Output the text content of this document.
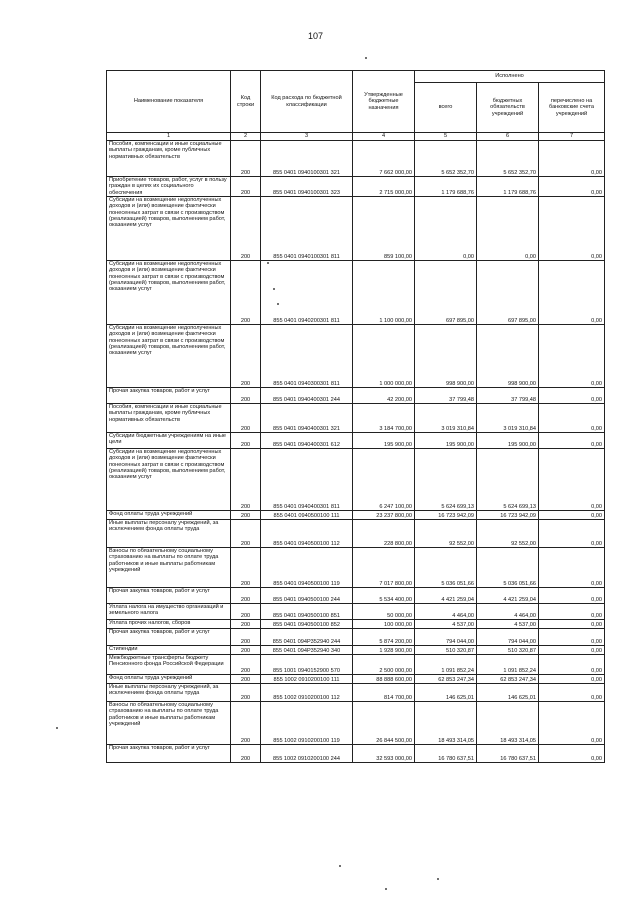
107
Наименование показателя	Код строки	Код расхода по бюджетной классификации	Утвержденные бюджетные назначения	Исполнено		
				всего	бюджетных обязательств учреждений	перечислено на банковские счета учреждений
1	2	3	4	5	6	7
Пособия, компенсации и иные социальные выплаты гражданам, кроме публичных нормативных обязательств	200	855 0401 0940100301 321	7 662 000,00	5 652 352,70	5 652 352,70	0,00
Приобретение товаров, работ, услуг в пользу граждан в целях их социального обеспечения	200	855 0401 0940100301 323	2 715 000,00	1 179 688,76	1 179 688,76	0,00
Субсидии на возмещение недополученных доходов и (или) возмещение фактически понесенных затрат в связи с производством (реализацией) товаров, выполнением работ, оказанием услуг	200	855 0401 0940100301 811	859 100,00	0,00	0,00	0,00
Субсидии на возмещение недополученных доходов и (или) возмещение фактически понесенных затрат в связи с производством (реализацией) товаров, выполнением работ, оказанием услуг	200	855 0401 0940200301 811	1 100 000,00	697 895,00	697 895,00	0,00
Субсидии на возмещение недополученных доходов и (или) возмещение фактически понесенных затрат в связи с производством (реализацией) товаров, выполнением работ, оказанием услуг	200	855 0401 0940300301 811	1 000 000,00	998 900,00	998 900,00	0,00
Прочая закупка товаров, работ и услуг	200	855 0401 0940400301 244	42 200,00	37 799,48	37 799,48	0,00
Пособия, компенсации и иные социальные выплаты гражданам, кроме публичных нормативных обязательств	200	855 0401 0940400301 321	3 184 700,00	3 019 310,84	3 019 310,84	0,00
Субсидии бюджетным учреждениям на иные цели	200	855 0401 0940400301 612	195 900,00	195 900,00	195 900,00	0,00
Субсидии на возмещение недополученных доходов и (или) возмещение фактически понесенных затрат в связи с производством (реализацией) товаров, выполнением работ, оказанием услуг	200	855 0401 0940400301 811	6 247 100,00	5 624 699,13	5 624 699,13	0,00
Фонд оплаты труда учреждений	200	855 0401 0940500100 111	23 237 800,00	16 723 942,09	16 723 942,09	0,00
Иные выплаты персоналу учреждений, за исключением фонда оплаты труда	200	855 0401 0940500100 112	228 800,00	92 552,00	92 552,00	0,00
Взносы по обязательному социальному страхованию на выплаты по оплате труда работников и иные выплаты работникам учреждений	200	855 0401 0940500100 119	7 017 800,00	5 036 051,66	5 036 051,66	0,00
Прочая закупка товаров, работ и услуг	200	855 0401 0940500100 244	5 534 400,00	4 421 259,04	4 421 259,04	0,00
Уплата налога на имущество организаций и земельного налога	200	855 0401 0940500100 851	50 000,00	4 464,00	4 464,00	0,00
Уплата прочих налогов, сборов	200	855 0401 0940500100 852	100 000,00	4 537,00	4 537,00	0,00
Прочая закупка товаров, работ и услуг	200	855 0401 094P352940 244	5 874 200,00	794 044,00	794 044,00	0,00
Стипендии	200	855 0401 094P352940 340	1 928 900,00	510 320,87	510 320,87	0,00
Межбюджетные трансферты бюджету Пенсионного фонда Российской Федерации	200	855 1001 0940152900 570	2 500 000,00	1 091 852,24	1 091 852,24	0,00
Фонд оплаты труда учреждений	200	855 1002 0910200100 111	88 888 600,00	62 853 247,34	62 853 247,34	0,00
Иные выплаты персоналу учреждений, за исключением фонда оплаты труда	200	855 1002 0910200100 112	814 700,00	146 625,01	146 625,01	0,00
Взносы по обязательному социальному страхованию на выплаты по оплате труда работников и иные выплаты работникам учреждений	200	855 1002 0910200100 119	26 844 500,00	18 493 314,05	18 493 314,05	0,00
Прочая закупка товаров, работ и услуг	200	855 1002 0910200100 244	32 593 000,00	16 780 637,51	16 780 637,51	0,00
